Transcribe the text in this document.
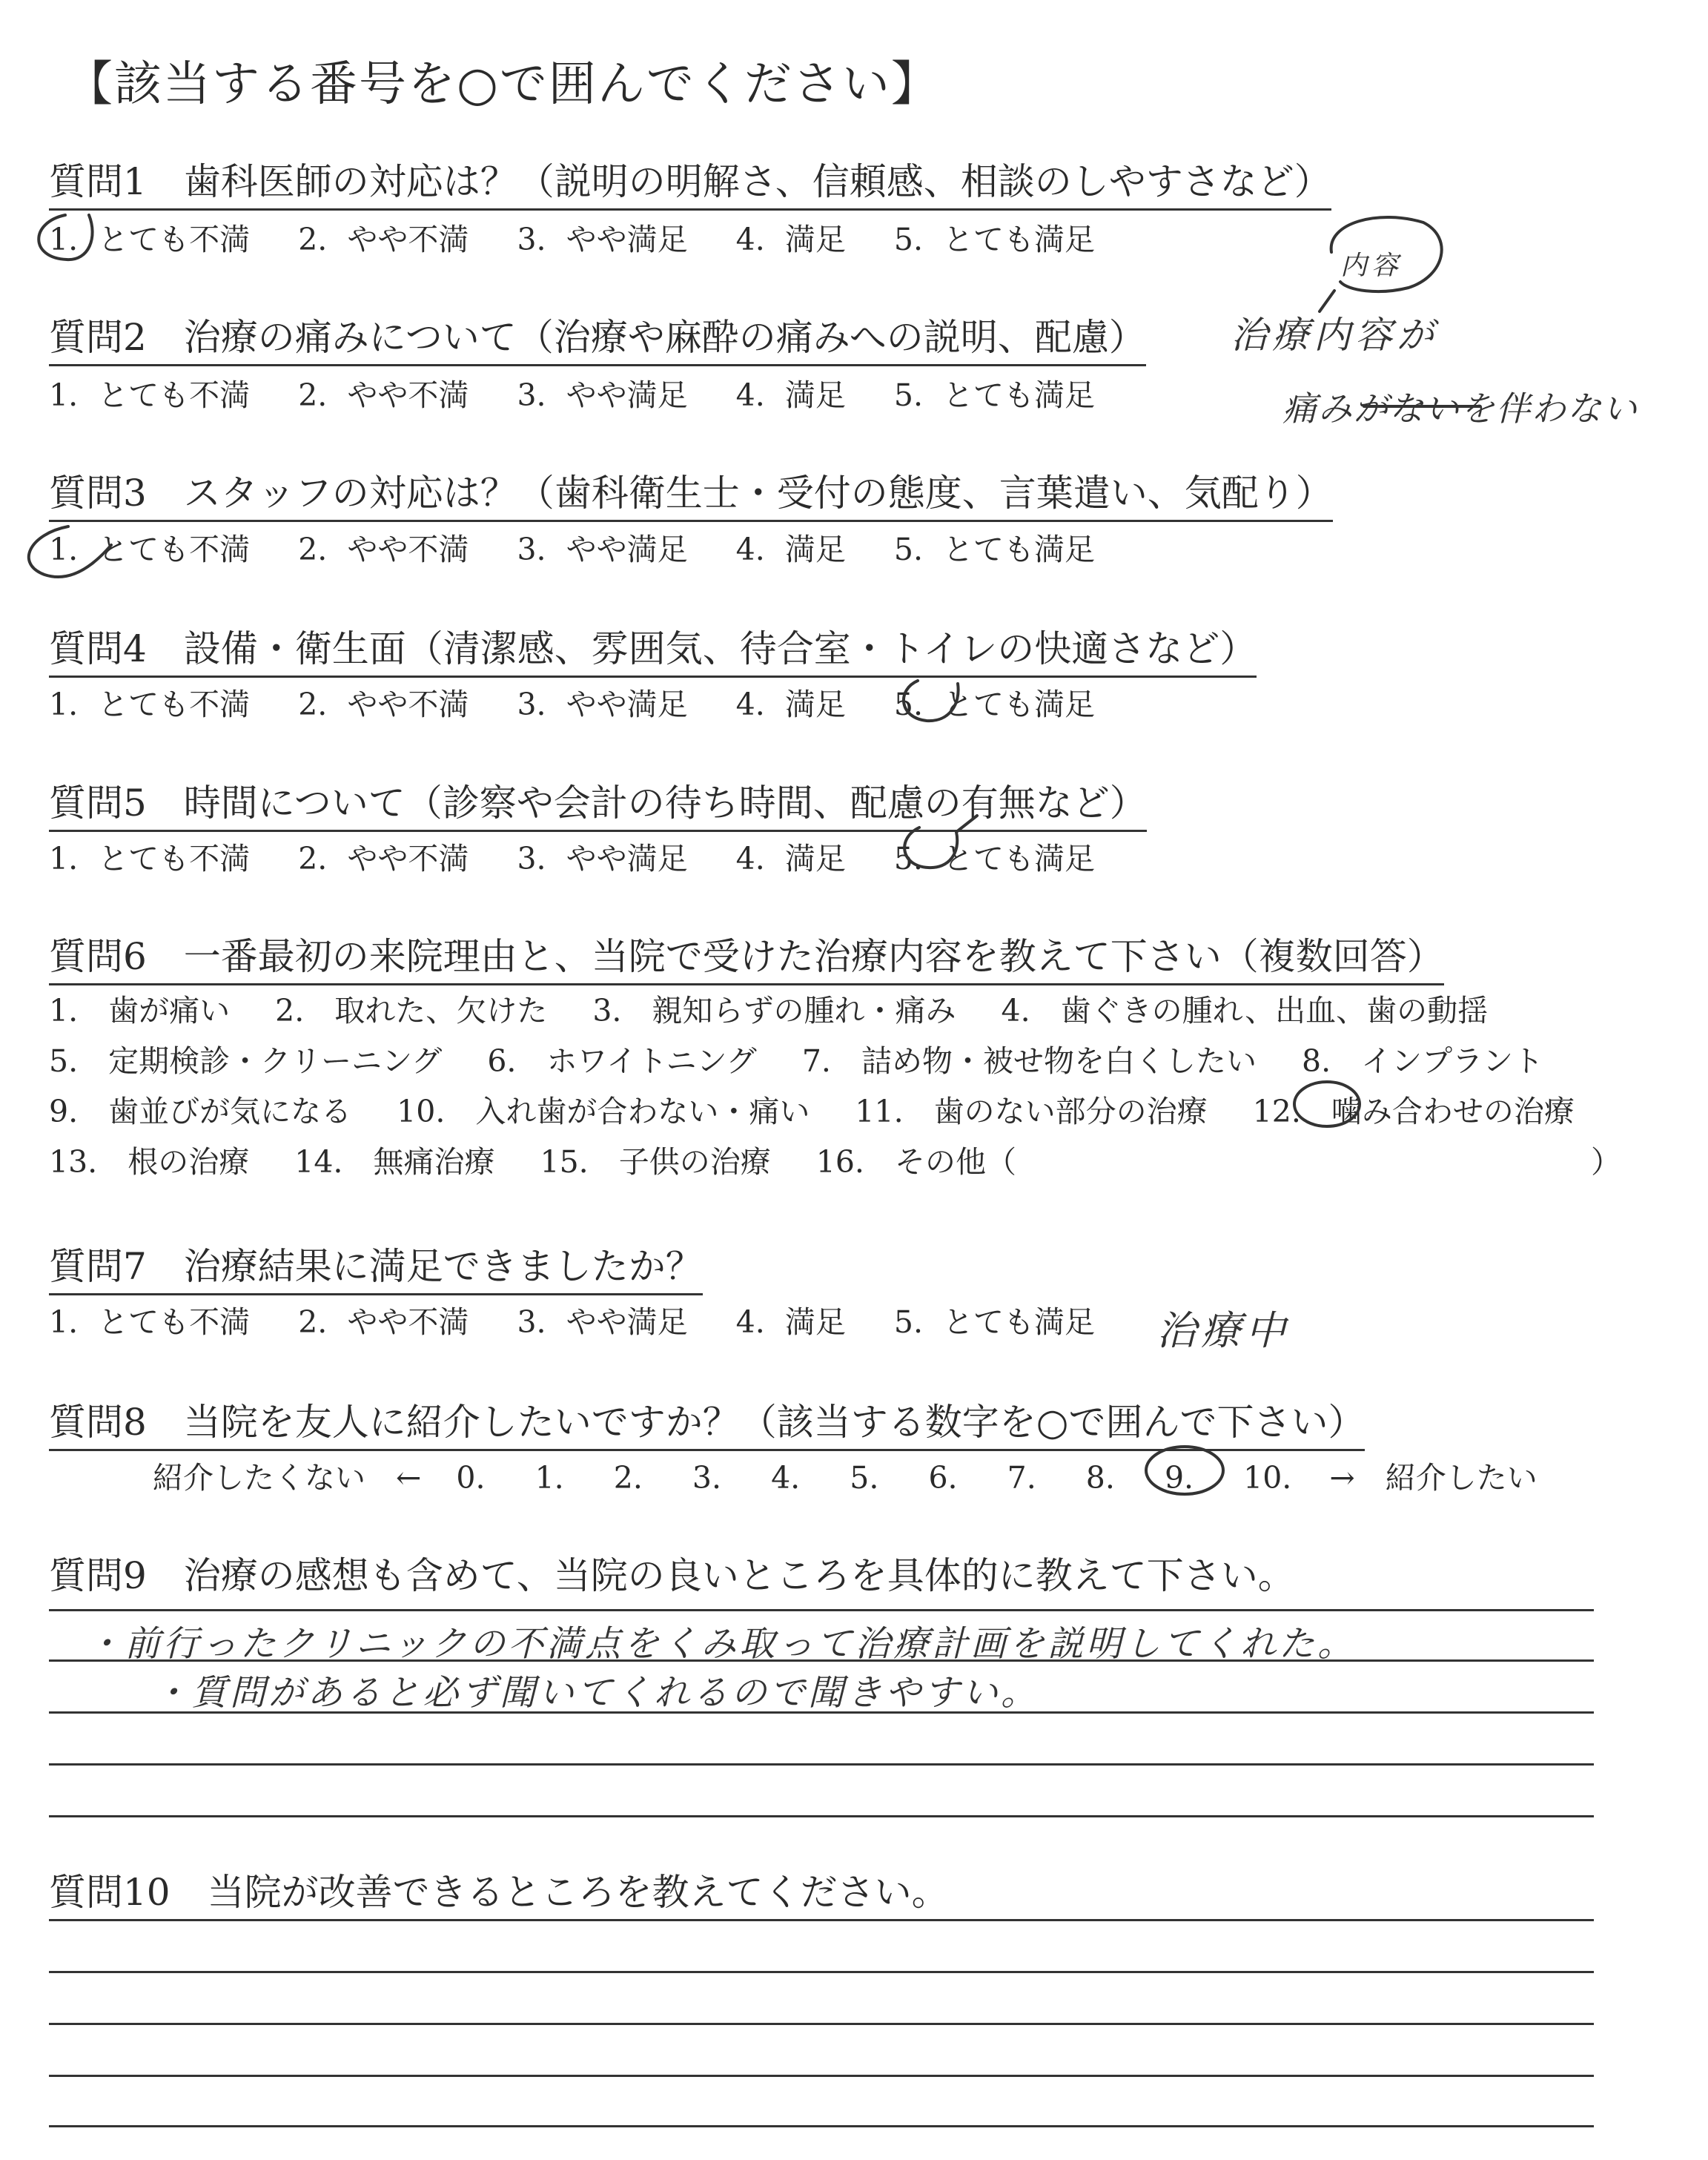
【該当する番号を○で囲んでください】
質問1　歯科医師の対応は？（説明の明解さ、信頼感、相談のしやすさなど）
1. とても不満 2. やや不満 3. やや満足 4. 満足 5. とても満足
質問2　治療の痛みについて（治療や麻酔の痛みへの説明、配慮）
1. とても不満 2. やや不満 3. やや満足 4. 満足 5. とても満足
質問3　スタッフの対応は？（歯科衛生士・受付の態度、言葉遣い、気配り）
1. とても不満 2. やや不満 3. やや満足 4. 満足 5. とても満足
質問4　設備・衛生面（清潔感、雰囲気、待合室・トイレの快適さなど）
1. とても不満 2. やや不満 3. やや満足 4. 満足 5. とても満足
質問5　時間について（診察や会計の待ち時間、配慮の有無など）
1. とても不満 2. やや不満 3. やや満足 4. 満足 5. とても満足
質問6　一番最初の来院理由と、当院で受けた治療内容を教えて下さい（複数回答）
1.　歯が痛い 2.　取れた、欠けた 3.　親知らずの腫れ・痛み 4.　歯ぐきの腫れ、出血、歯の動揺
5.　定期検診・クリーニング 6.　ホワイトニング 7.　詰め物・被せ物を白くしたい 8.　インプラント
9.　歯並びが気になる 10.　入れ歯が合わない・痛い 11.　歯のない部分の治療 12.　噛み合わせの治療
13.　根の治療 14.　無痛治療 15.　子供の治療 16.　その他（	）
質問7　治療結果に満足できましたか？
1. とても不満 2. やや不満 3. やや満足 4. 満足 5. とても満足
質問8　当院を友人に紹介したいですか？（該当する数字を○で囲んで下さい）
紹介したくない　← 0. 1. 2. 3. 4. 5. 6. 7. 8. 9. 10. →　紹介したい
質問9　治療の感想も含めて、当院の良いところを具体的に教えて下さい。
質問10　当院が改善できるところを教えてください。
治療内容が
内容
痛みがないを伴わない
治療中
・前行ったクリニックの不満点をくみ取って治療計画を説明してくれた。
・質問があると必ず聞いてくれるので聞きやすい。
